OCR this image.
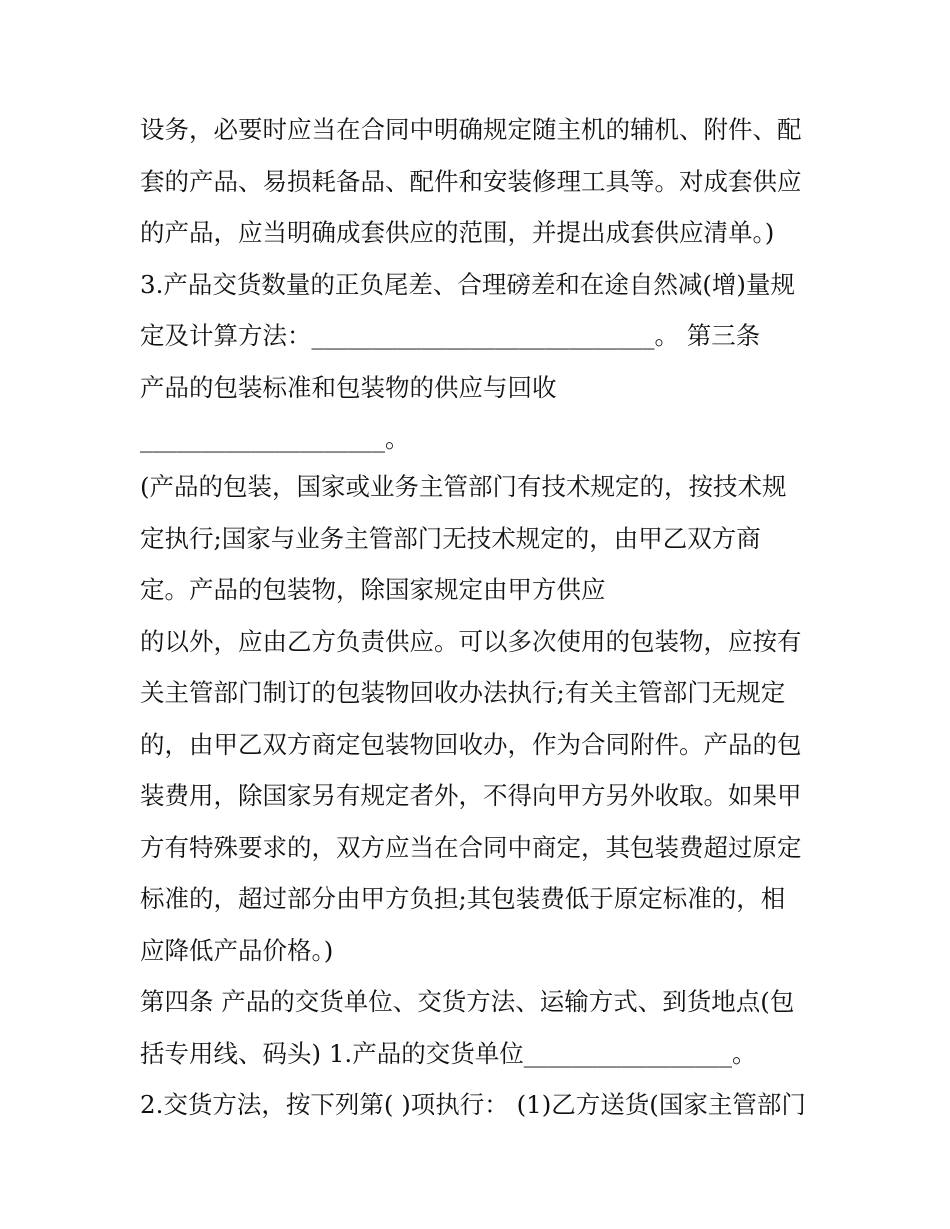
设务，必要时应当在合同中明确规定随主机的辅机、附件、配
套的产品、易损耗备品、配件和安装修理工具等。对成套供应
的产品，应当明确成套供应的范围，并提出成套供应清单。)
3.产品交货数量的正负尾差、合理磅差和在途自然减(增)量规
定及计算方法：____________________________。 第三条
产品的包装标准和包装物的供应与回收
____________________。
(产品的包装，国家或业务主管部门有技术规定的，按技术规
定执行;国家与业务主管部门无技术规定的，由甲乙双方商
定。产品的包装物，除国家规定由甲方供应
的以外，应由乙方负责供应。可以多次使用的包装物，应按有
关主管部门制订的包装物回收办法执行;有关主管部门无规定
的，由甲乙双方商定包装物回收办，作为合同附件。产品的包
装费用，除国家另有规定者外，不得向甲方另外收取。如果甲
方有特殊要求的，双方应当在合同中商定，其包装费超过原定
标准的，超过部分由甲方负担;其包装费低于原定标准的，相
应降低产品价格。)
第四条 产品的交货单位、交货方法、运输方式、到货地点(包
括专用线、码头) 1.产品的交货单位_________________。
2.交货方法，按下列第( )项执行： (1)乙方送货(国家主管部门
